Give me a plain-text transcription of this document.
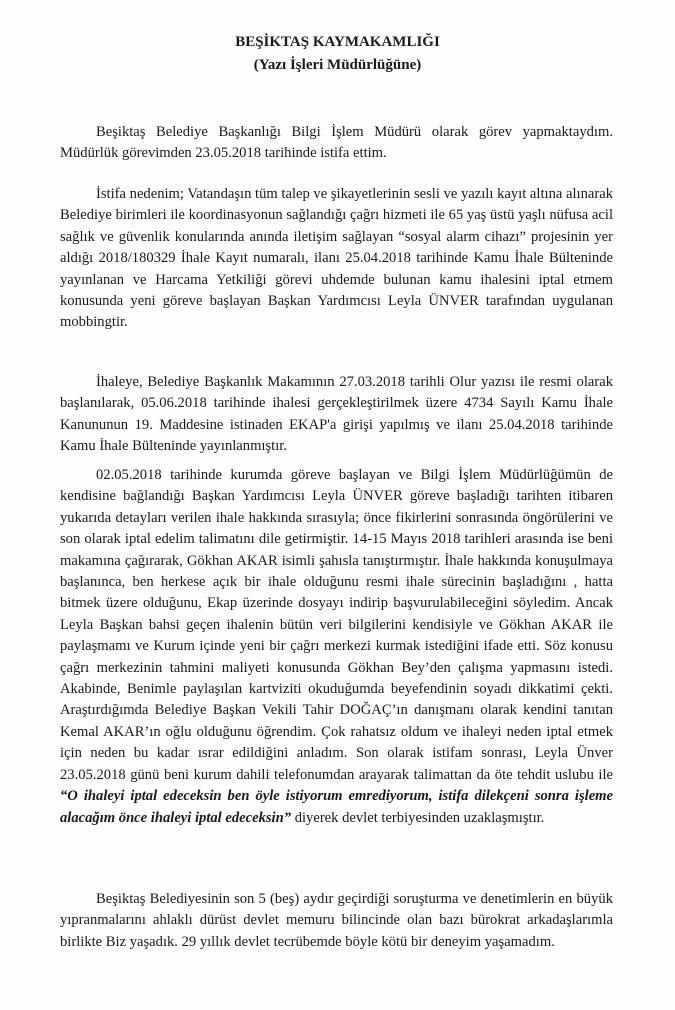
BEŞİKTAŞ KAYMAKAMLIĞI
(Yazı İşleri Müdürlüğüne)

Beşiktaş Belediye Başkanlığı Bilgi İşlem Müdürü olarak görev yapmaktaydım. Müdürlük görevimden 23.05.2018 tarihinde istifa ettim.

İstifa nedenim; Vatandaşın tüm talep ve şikayetlerinin sesli ve yazılı kayıt altına alınarak Belediye birimleri ile koordinasyonun sağlandığı çağrı hizmeti ile 65 yaş üstü yaşlı nüfusa acil sağlık ve güvenlik konularında anında iletişim sağlayan “sosyal alarm cihazı” projesinin yer aldığı 2018/180329 İhale Kayıt numaralı, ilanı 25.04.2018 tarihinde Kamu İhale Bülteninde yayınlanan ve Harcama Yetkiliği görevi uhdemde bulunan kamu ihalesini iptal etmem konusunda yeni göreve başlayan Başkan Yardımcısı Leyla ÜNVER tarafından uygulanan mobbingtir.

İhaleye, Belediye Başkanlık Makamının 27.03.2018 tarihli Olur yazısı ile resmi olarak başlanılarak, 05.06.2018 tarihinde ihalesi gerçekleştirilmek üzere 4734 Sayılı Kamu İhale Kanununun 19. Maddesine istinaden EKAP'a girişi yapılmış ve ilanı 25.04.2018 tarihinde Kamu İhale Bülteninde yayınlanmıştır.

02.05.2018 tarihinde kurumda göreve başlayan ve Bilgi İşlem Müdürlüğümün de kendisine bağlandığı Başkan Yardımcısı Leyla ÜNVER göreve başladığı tarihten itibaren yukarıda detayları verilen ihale hakkında sırasıyla; önce fikirlerini sonrasında öngörülerini ve son olarak iptal edelim talimatını dile getirmiştir. 14-15 Mayıs 2018 tarihleri arasında ise beni makamına çağırarak, Gökhan AKAR isimli şahısla tanıştırmıştır. İhale hakkında konuşulmaya başlanınca, ben herkese açık bir ihale olduğunu resmi ihale sürecinin başladığını , hatta bitmek üzere olduğunu, Ekap üzerinde dosyayı indirip başvurulabileceğini söyledim. Ancak Leyla Başkan bahsi geçen ihalenin bütün veri bilgilerini kendisiyle ve Gökhan AKAR ile paylaşmamı ve Kurum içinde yeni bir çağrı merkezi kurmak istediğini ifade etti. Söz konusu çağrı merkezinin tahmini maliyeti konusunda Gökhan Bey’den çalışma yapmasını istedi. Akabinde, Benimle paylaşılan kartviziti okuduğumda beyefendinin soyadı dikkatimi çekti. Araştırdığımda Belediye Başkan Vekili Tahir DOĞAÇ’ın danışmanı olarak kendini tanıtan Kemal AKAR’ın oğlu olduğunu öğrendim. Çok rahatsız oldum ve ihaleyi neden iptal etmek için neden bu kadar ısrar edildiğini anladım. Son olarak istifam sonrası, Leyla Ünver 23.05.2018 günü beni kurum dahili telefonumdan arayarak talimattan da öte tehdit uslubu ile “O ihaleyi iptal edeceksin ben öyle istiyorum emrediyorum, istifa dilekçeni sonra işleme alacağım önce ihaleyi iptal edeceksin” diyerek devlet terbiyesinden uzaklaşmıştır.

Beşiktaş Belediyesinin son 5 (beş) aydır geçirdiği soruşturma ve denetimlerin en büyük yıpranmalarını ahlaklı dürüst devlet memuru bilincinde olan bazı bürokrat arkadaşlarımla birlikte Biz yaşadık. 29 yıllık devlet tecrübemde böyle kötü bir deneyim yaşamadım.
